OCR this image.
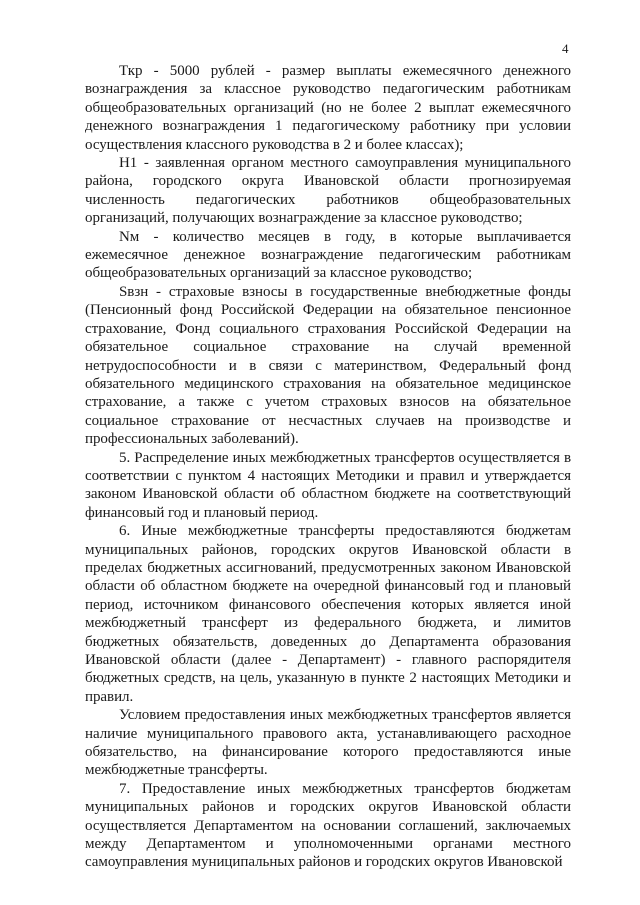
4

Ткр - 5000 рублей - размер выплаты ежемесячного денежного вознаграждения за классное руководство педагогическим работникам общеобразовательных организаций (но не более 2 выплат ежемесячного денежного вознаграждения 1 педагогическому работнику при условии осуществления классного руководства в 2 и более классах);

Н1 - заявленная органом местного самоуправления муниципального района, городского округа Ивановской области прогнозируемая численность педагогических работников общеобразовательных организаций, получающих вознаграждение за классное руководство;

Nм - количество месяцев в году, в которые выплачивается ежемесячное денежное вознаграждение педагогическим работникам общеобразовательных организаций за классное руководство;

Sвзн - страховые взносы в государственные внебюджетные фонды (Пенсионный фонд Российской Федерации на обязательное пенсионное страхование, Фонд социального страхования Российской Федерации на обязательное социальное страхование на случай временной нетрудоспособности и в связи с материнством, Федеральный фонд обязательного медицинского страхования на обязательное медицинское страхование, а также с учетом страховых взносов на обязательное социальное страхование от несчастных случаев на производстве и профессиональных заболеваний).

5. Распределение иных межбюджетных трансфертов осуществляется в соответствии с пунктом 4 настоящих Методики и правил и утверждается законом Ивановской области об областном бюджете на соответствующий финансовый год и плановый период.

6. Иные межбюджетные трансферты предоставляются бюджетам муниципальных районов, городских округов Ивановской области в пределах бюджетных ассигнований, предусмотренных законом Ивановской области об областном бюджете на очередной финансовый год и плановый период, источником финансового обеспечения которых является иной межбюджетный трансферт из федерального бюджета, и лимитов бюджетных обязательств, доведенных до Департамента образования Ивановской области (далее - Департамент) - главного распорядителя бюджетных средств, на цель, указанную в пункте 2 настоящих Методики и правил.

Условием предоставления иных межбюджетных трансфертов является наличие муниципального правового акта, устанавливающего расходное обязательство, на финансирование которого предоставляются иные межбюджетные трансферты.

7. Предоставление иных межбюджетных трансфертов бюджетам муниципальных районов и городских округов Ивановской области осуществляется Департаментом на основании соглашений, заключаемых между Департаментом и уполномоченными органами местного самоуправления муниципальных районов и городских округов Ивановской
